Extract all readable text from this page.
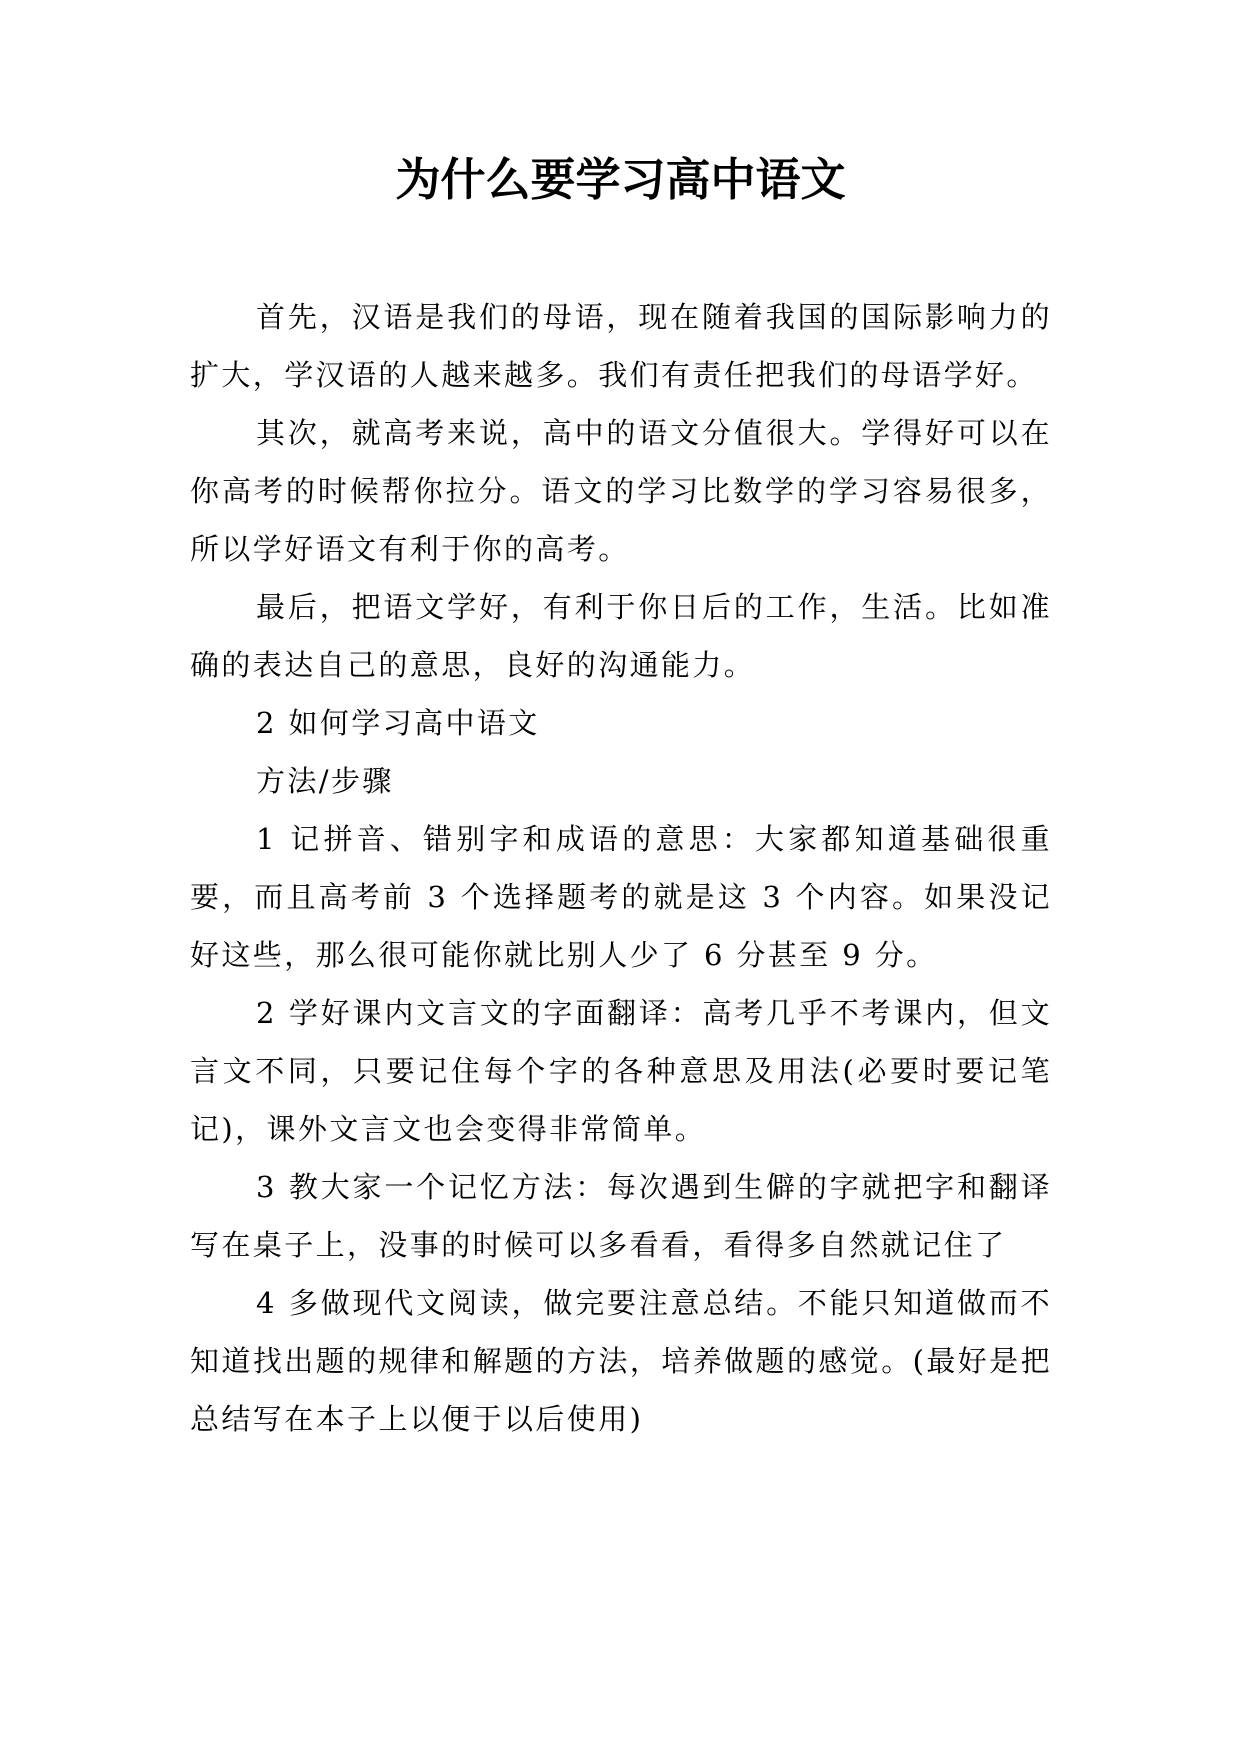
为什么要学习高中语文

首先，汉语是我们的母语，现在随着我国的国际影响力的扩大，学汉语的人越来越多。我们有责任把我们的母语学好。

其次，就高考来说，高中的语文分值很大。学得好可以在你高考的时候帮你拉分。语文的学习比数学的学习容易很多，所以学好语文有利于你的高考。

最后，把语文学好，有利于你日后的工作，生活。比如准确的表达自己的意思，良好的沟通能力。

2 如何学习高中语文

方法/步骤

1 记拼音、错别字和成语的意思：大家都知道基础很重要，而且高考前 3 个选择题考的就是这 3 个内容。如果没记好这些，那么很可能你就比别人少了 6 分甚至 9 分。

2 学好课内文言文的字面翻译：高考几乎不考课内，但文言文不同，只要记住每个字的各种意思及用法(必要时要记笔记)，课外文言文也会变得非常简单。

3 教大家一个记忆方法：每次遇到生僻的字就把字和翻译写在桌子上，没事的时候可以多看看，看得多自然就记住了

4 多做现代文阅读，做完要注意总结。不能只知道做而不知道找出题的规律和解题的方法，培养做题的感觉。(最好是把总结写在本子上以便于以后使用)
